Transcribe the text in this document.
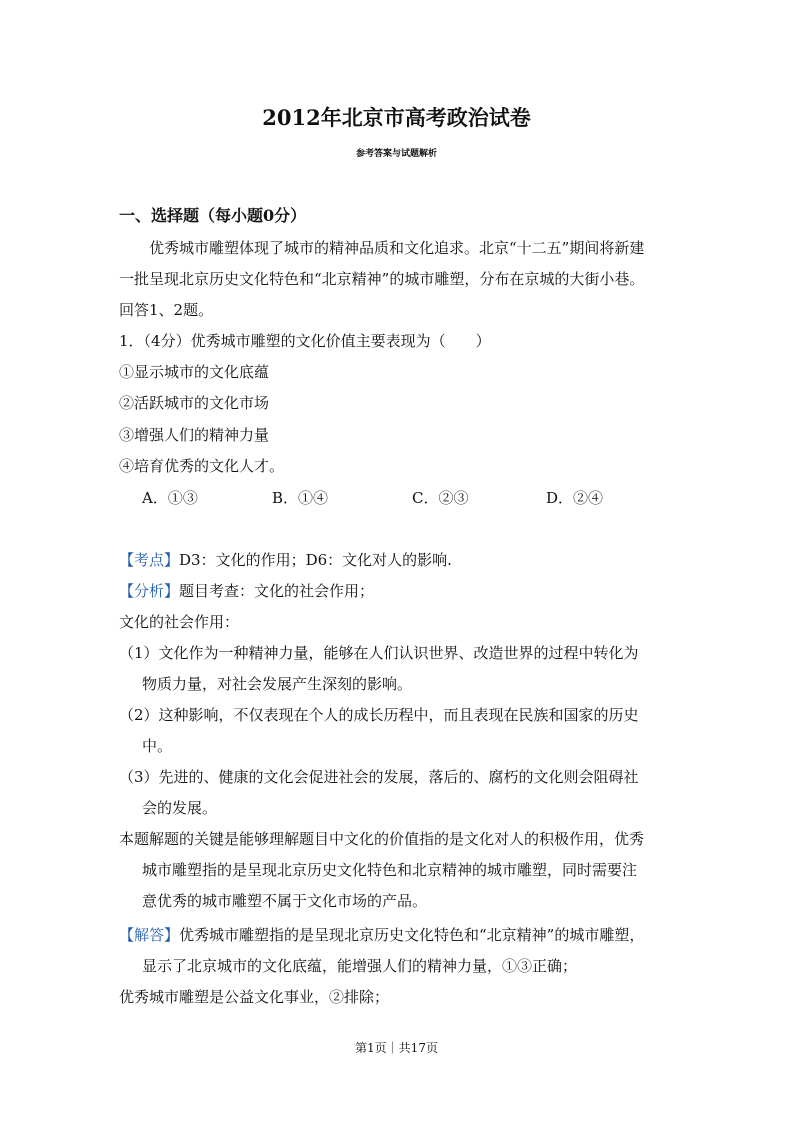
2012年北京市高考政治试卷
参考答案与试题解析
一、选择题（每小题0分）
优秀城市雕塑体现了城市的精神品质和文化追求。北京“十二五”期间将新建
一批呈现北京历史文化特色和“北京精神”的城市雕塑，分布在京城的大街小巷。
回答1、2题。
1．（4分）优秀城市雕塑的文化价值主要表现为（　　）
①显示城市的文化底蕴
②活跃城市的文化市场
③增强人们的精神力量
④培育优秀的文化人才。
A．①③	B．①④	C．②③	D．②④
【考点】D3：文化的作用；D6：文化对人的影响.
【分析】题目考查：文化的社会作用；
文化的社会作用：
（1）文化作为一种精神力量，能够在人们认识世界、改造世界的过程中转化为
物质力量，对社会发展产生深刻的影响。
（2）这种影响，不仅表现在个人的成长历程中，而且表现在民族和国家的历史
中。
（3）先进的、健康的文化会促进社会的发展，落后的、腐朽的文化则会阻碍社
会的发展。
本题解题的关键是能够理解题目中文化的价值指的是文化对人的积极作用，优秀
城市雕塑指的是呈现北京历史文化特色和北京精神的城市雕塑，同时需要注
意优秀的城市雕塑不属于文化市场的产品。
【解答】优秀城市雕塑指的是呈现北京历史文化特色和“北京精神”的城市雕塑，
显示了北京城市的文化底蕴，能增强人们的精神力量，①③正确；
优秀城市雕塑是公益文化事业，②排除；
第1页｜共17页
